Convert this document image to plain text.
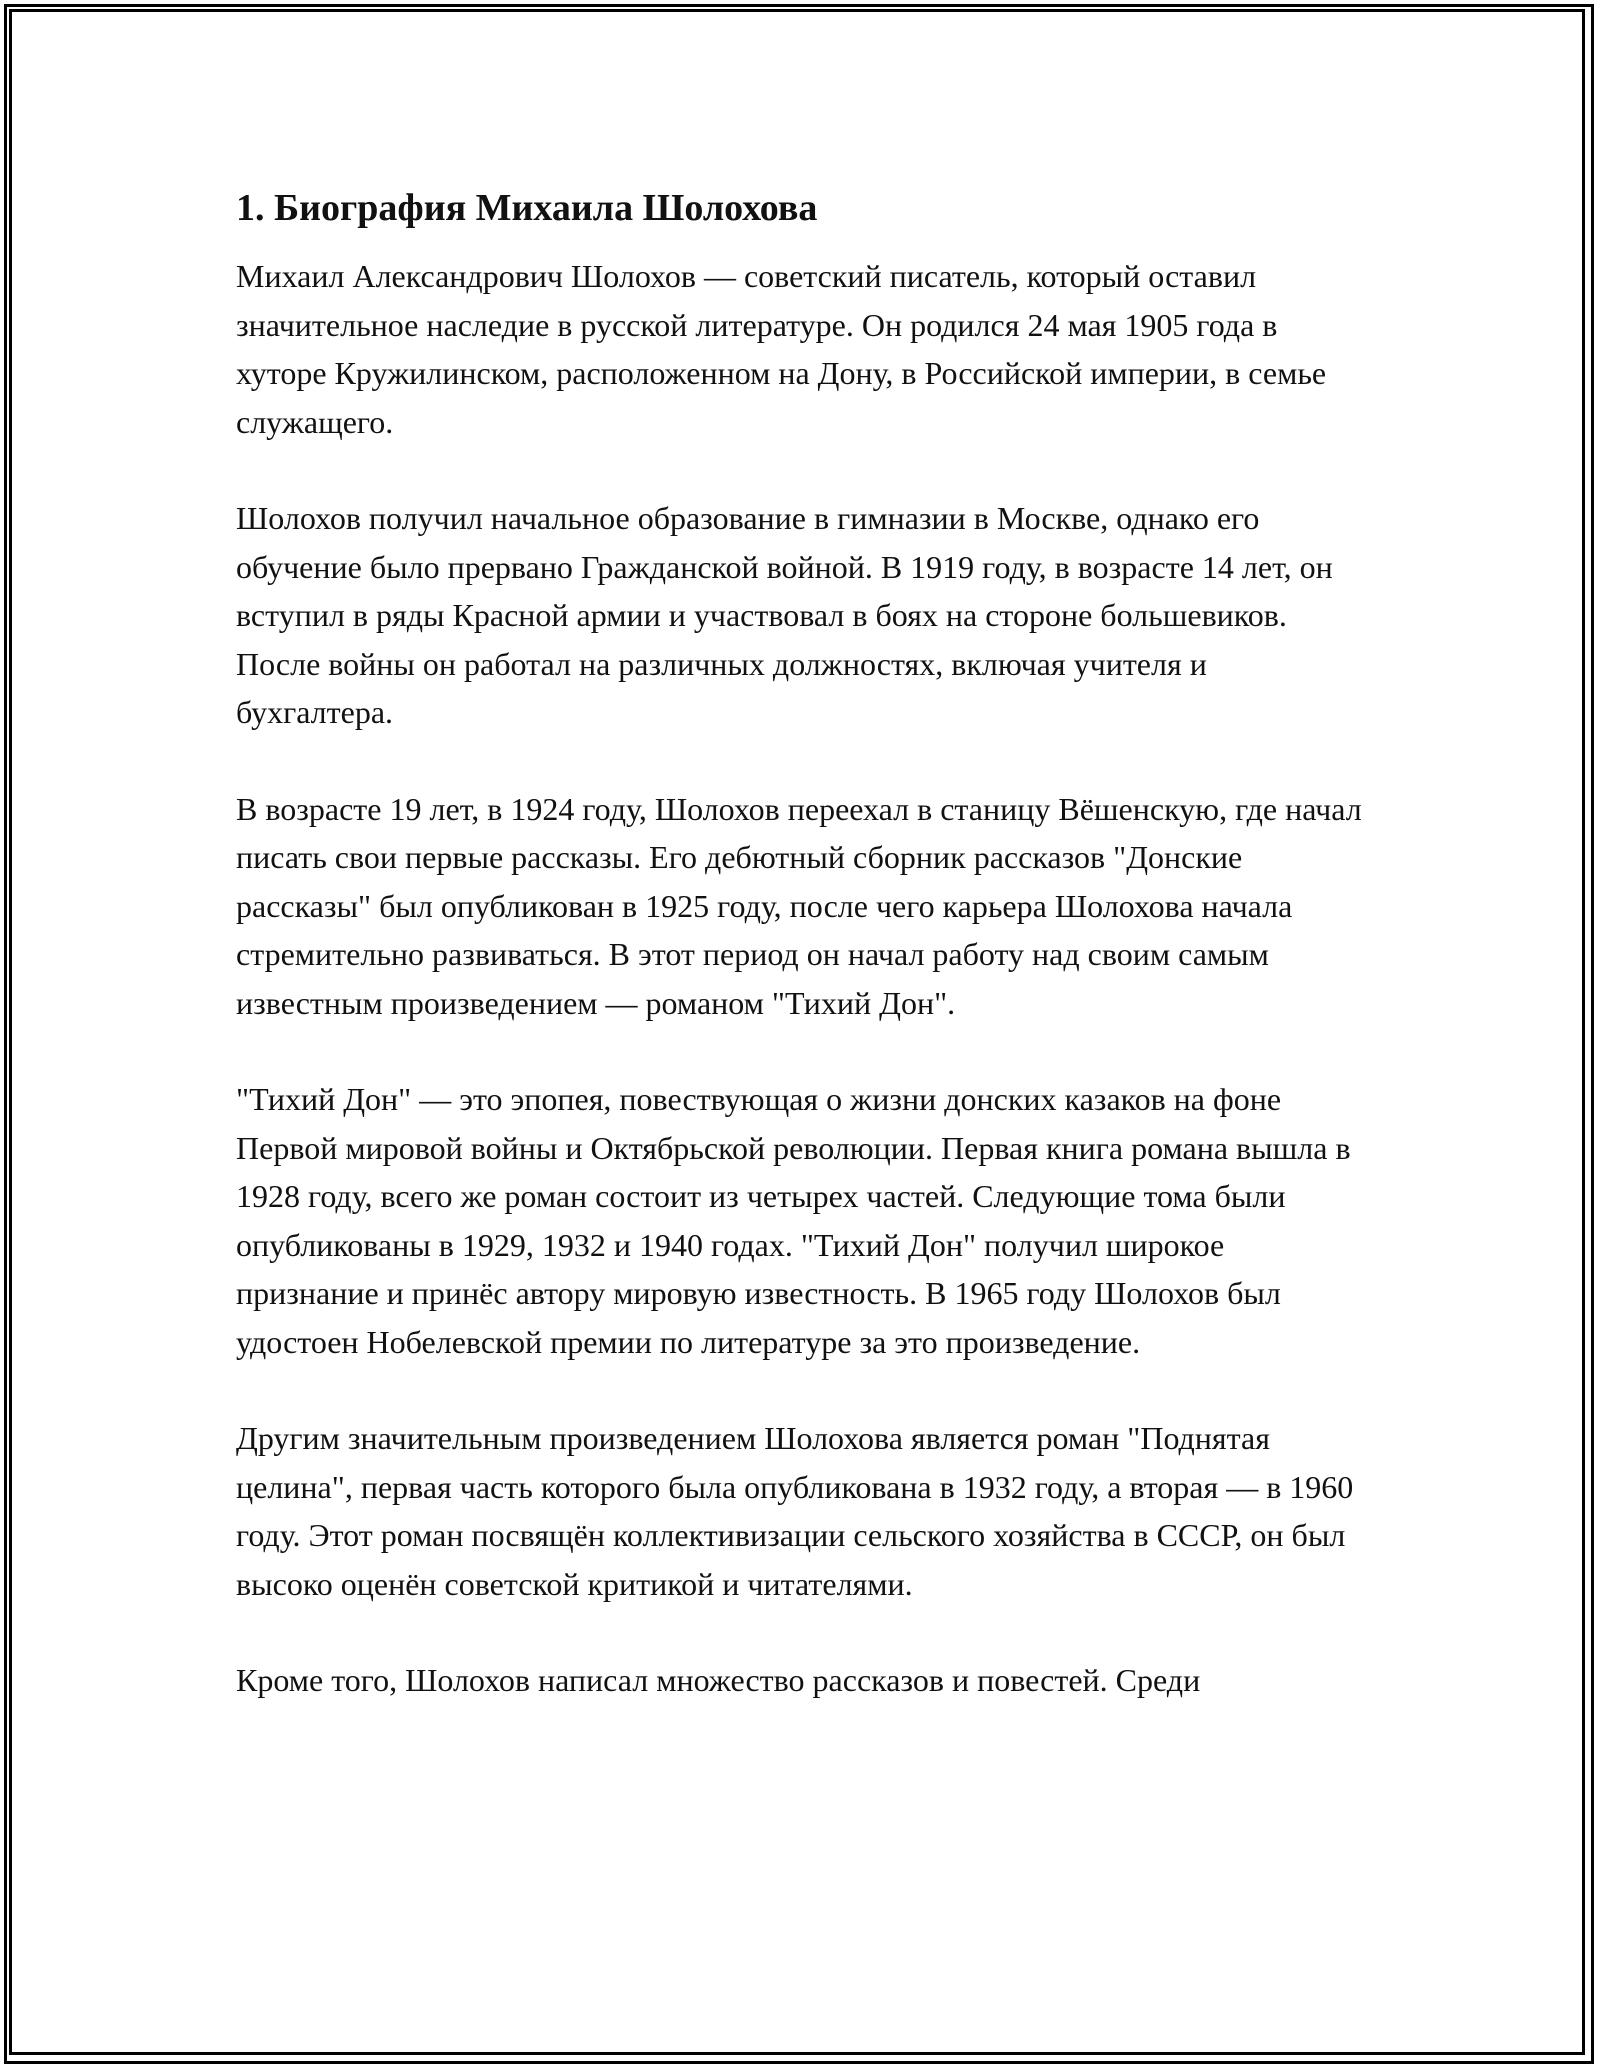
1. Биография Михаила Шолохова

Михаил Александрович Шолохов — советский писатель, который оставил значительное наследие в русской литературе. Он родился 24 мая 1905 года в хуторе Кружилинском, расположенном на Дону, в Российской империи, в семье служащего.

Шолохов получил начальное образование в гимназии в Москве, однако его обучение было прервано Гражданской войной. В 1919 году, в возрасте 14 лет, он вступил в ряды Красной армии и участвовал в боях на стороне большевиков. После войны он работал на различных должностях, включая учителя и бухгалтера.

В возрасте 19 лет, в 1924 году, Шолохов переехал в станицу Вёшенскую, где начал писать свои первые рассказы. Его дебютный сборник рассказов "Донские рассказы" был опубликован в 1925 году, после чего карьера Шолохова начала стремительно развиваться. В этот период он начал работу над своим самым известным произведением — романом "Тихий Дон".

"Тихий Дон" — это эпопея, повествующая о жизни донских казаков на фоне Первой мировой войны и Октябрьской революции. Первая книга романа вышла в 1928 году, всего же роман состоит из четырех частей. Следующие тома были опубликованы в 1929, 1932 и 1940 годах. "Тихий Дон" получил широкое признание и принёс автору мировую известность. В 1965 году Шолохов был удостоен Нобелевской премии по литературе за это произведение.

Другим значительным произведением Шолохова является роман "Поднятая целина", первая часть которого была опубликована в 1932 году, а вторая — в 1960 году. Этот роман посвящён коллективизации сельского хозяйства в СССР, он был высоко оценён советской критикой и читателями.

Кроме того, Шолохов написал множество рассказов и повестей. Среди
